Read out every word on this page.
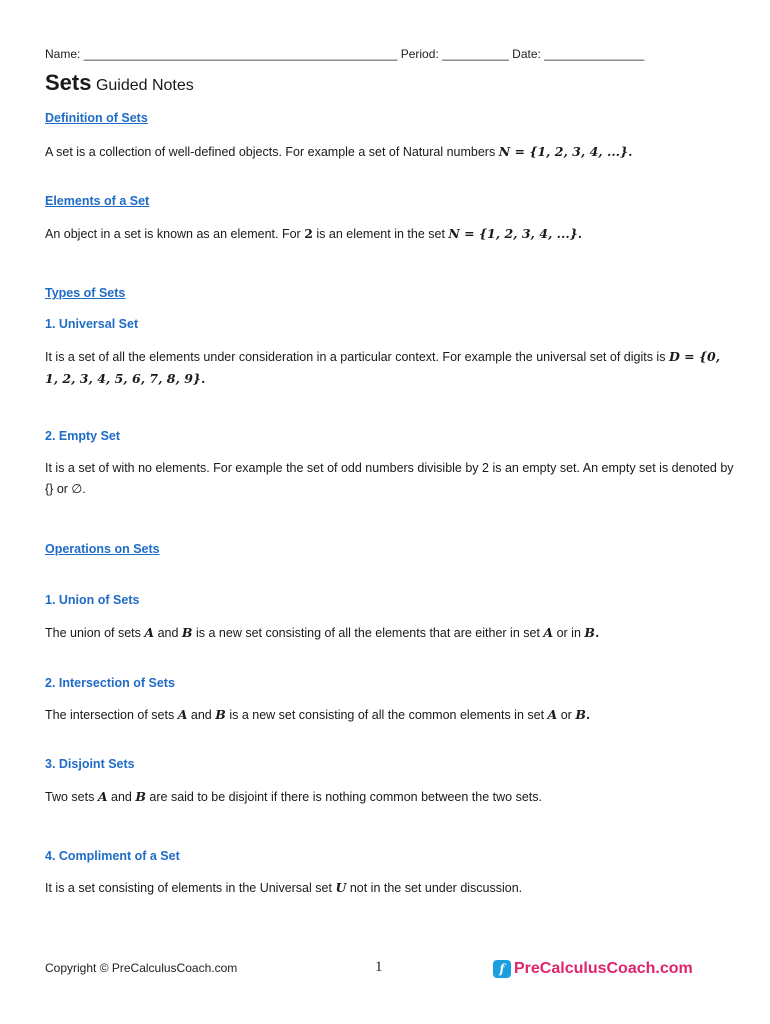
Name: _______________________________________________ Period: __________ Date: _______________
Sets Guided Notes
Definition of Sets
A set is a collection of well-defined objects. For example a set of Natural numbers N = {1, 2, 3, 4, ...}.
Elements of a Set
An object in a set is known as an element. For 2 is an element in the set N = {1, 2, 3, 4, ...}.
Types of Sets
1. Universal Set
It is a set of all the elements under consideration in a particular context. For example the universal set of digits is D = {0, 1, 2, 3, 4, 5, 6, 7, 8, 9}.
2. Empty Set
It is a set of with no elements. For example the set of odd numbers divisible by 2 is an empty set. An empty set is denoted by {} or ∅.
Operations on Sets
1. Union of Sets
The union of sets A and B is a new set consisting of all the elements that are either in set A or in B.
2. Intersection of Sets
The intersection of sets A and B is a new set consisting of all the common elements in set A or B.
3. Disjoint Sets
Two sets A and B are said to be disjoint if there is nothing common between the two sets.
4. Compliment of a Set
It is a set consisting of elements in the Universal set U not in the set under discussion.
Copyright © PreCalculusCoach.com	1	f PreCalculusCoach.com
